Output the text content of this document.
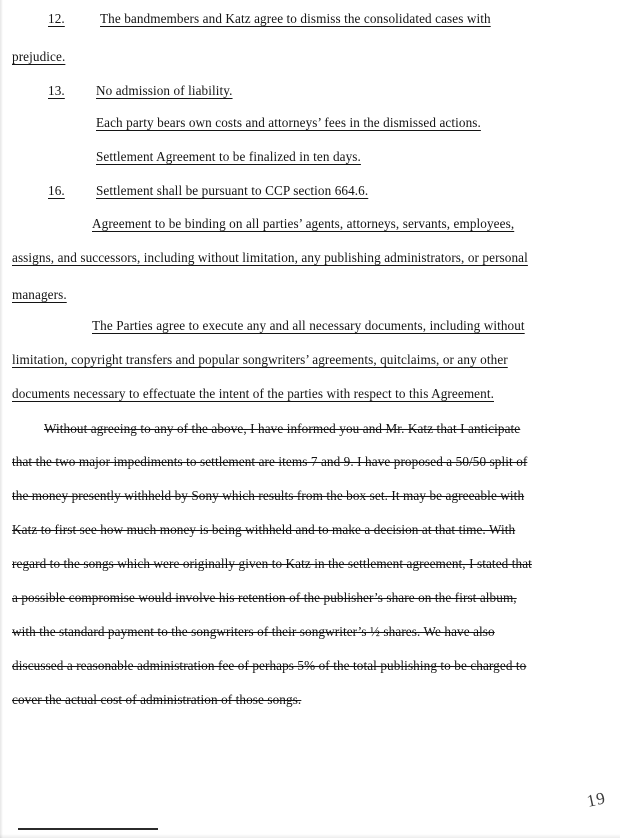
12.	The bandmembers and Katz agree to dismiss the consolidated cases with
prejudice.
13.	No admission of liability.
Each party bears own costs and attorneys’ fees in the dismissed actions.
Settlement Agreement to be finalized in ten days.
16.	Settlement shall be pursuant to CCP section 664.6.
Agreement to be binding on all parties’ agents, attorneys, servants, employees,
assigns, and successors, including without limitation, any publishing administrators, or personal
managers.
The Parties agree to execute any and all necessary documents, including without
limitation, copyright transfers and popular songwriters’ agreements, quitclaims, or any other
documents necessary to effectuate the intent of the parties with respect to this Agreement.
Without agreeing to any of the above, I have informed you and Mr. Katz that I anticipate
that the two major impediments to settlement are items 7 and 9. I have proposed a 50/50 split of
the money presently withheld by Sony which results from the box set. It may be agreeable with
Katz to first see how much money is being withheld and to make a decision at that time. With
regard to the songs which were originally given to Katz in the settlement agreement, I stated that
a possible compromise would involve his retention of the publisher’s share on the first album,
with the standard payment to the songwriters of their songwriter’s ½ shares. We have also
discussed a reasonable administration fee of perhaps 5% of the total publishing to be charged to
cover the actual cost of administration of those songs.
19
